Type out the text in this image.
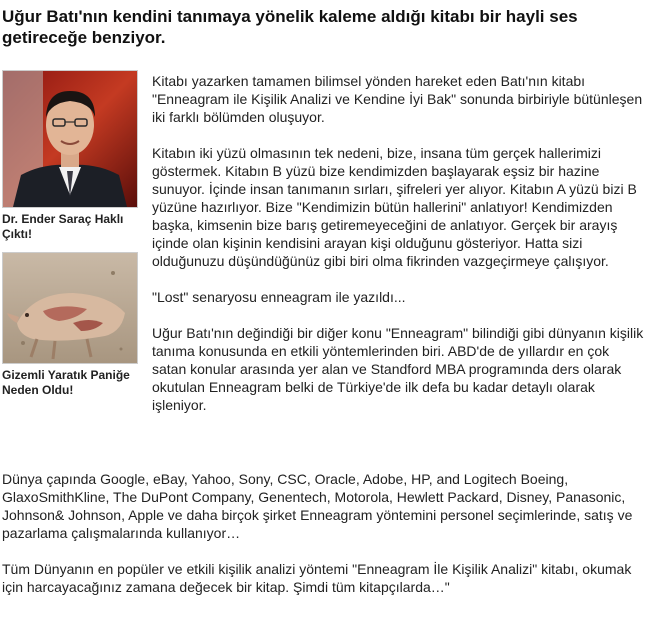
Uğur Batı'nın kendini tanımaya yönelik kaleme aldığı kitabı bir hayli ses getireceğe benziyor.
Dr. Ender Saraç Haklı Çıktı!
Gizemli Yaratık Paniğe Neden Oldu!

Kitabı yazarken tamamen bilimsel yönden hareket eden Batı'nın kitabı "Enneagram ile Kişilik Analizi ve Kendine İyi Bak" sonunda birbiriyle bütünleşen iki farklı bölümden oluşuyor.

Kitabın iki yüzü olmasının tek nedeni, bize, insana tüm gerçek hallerimizi göstermek. Kitabın B yüzü bize kendimizden başlayarak eşsiz bir hazine sunuyor. İçinde insan tanımanın sırları, şifreleri yer alıyor. Kitabın A yüzü bizi B yüzüne hazırlıyor. Bize "Kendimizin bütün hallerini" anlatıyor! Kendimizden başka, kimsenin bize barış getiremeyeceğini de anlatıyor. Gerçek bir arayış içinde olan kişinin kendisini arayan kişi olduğunu gösteriyor. Hatta sizi olduğunuzu düşündüğünüz gibi biri olma fikrinden vazgeçirmeye çalışıyor.

"Lost" senaryosu enneagram ile yazıldı...

Uğur Batı'nın değindiği bir diğer konu "Enneagram" bilindiği gibi dünyanın kişilik tanıma konusunda en etkili yöntemlerinden biri. ABD'de de yıllardır en çok satan konular arasında yer alan ve Standford MBA programında ders olarak okutulan Enneagram belki de Türkiye'de ilk defa bu kadar detaylı olarak işleniyor.

Dünya çapında Google, eBay, Yahoo, Sony, CSC, Oracle, Adobe, HP, and Logitech Boeing, GlaxoSmithKline, The DuPont Company, Genentech, Motorola, Hewlett Packard, Disney, Panasonic, Johnson& Johnson, Apple ve daha birçok şirket Enneagram yöntemini personel seçimlerinde, satış ve pazarlama çalışmalarında kullanıyor…

Tüm Dünyanın en popüler ve etkili kişilik analizi yöntemi "Enneagram İle Kişilik Analizi" kitabı, okumak için harcayacağınız zamana değecek bir kitap. Şimdi tüm kitapçılarda…"
